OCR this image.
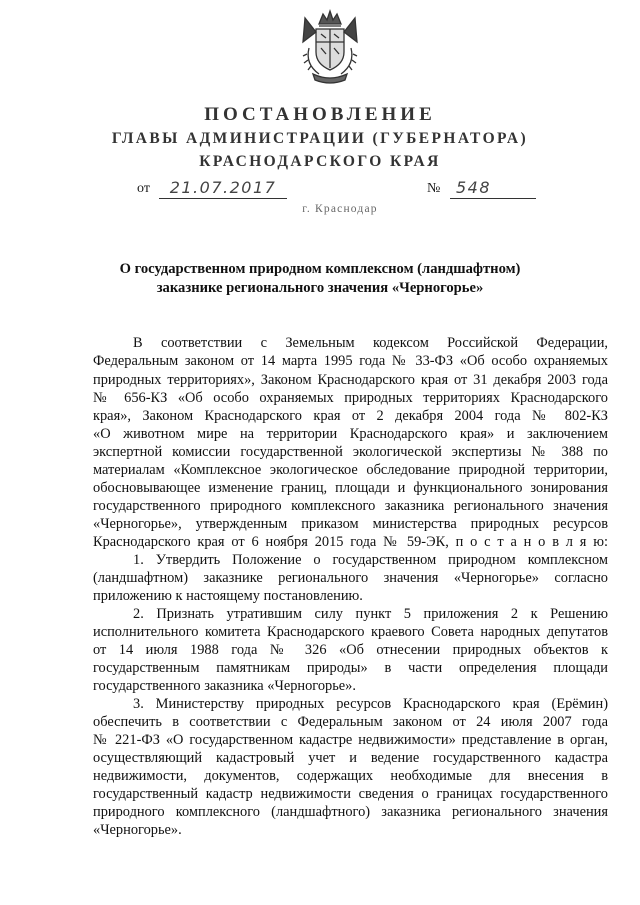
ПОСТАНОВЛЕНИЕ
ГЛАВЫ АДМИНИСТРАЦИИ (ГУБЕРНАТОРА)
КРАСНОДАРСКОГО КРАЯ
от	21.07.2017	№ 548
г. Краснодар
О государственном природном комплексном (ландшафтном)
заказнике регионального значения «Черногорье»
В соответствии с Земельным кодексом Российской Федерации,
Федеральным законом от 14 марта 1995 года № 33-ФЗ «Об особо охраняемых
природных территориях», Законом Краснодарского края от 31 декабря 2003 года
№ 656-КЗ «Об особо охраняемых природных территориях Краснодарского
края», Законом Краснодарского края от 2 декабря 2004 года № 802-КЗ
«О животном мире на территории Краснодарского края» и заключением
экспертной комиссии государственной экологической экспертизы № 388 по
материалам «Комплексное экологическое обследование природной территории,
обосновывающее изменение границ, площади и функционального зонирования
государственного природного комплексного заказника регионального значения
«Черногорье», утвержденным приказом министерства природных ресурсов
Краснодарского края от 6 ноября 2015 года № 59-ЭК, п о с т а н о в л я ю:
1. Утвердить Положение о государственном природном комплексном
(ландшафтном) заказнике регионального значения «Черногорье» согласно
приложению к настоящему постановлению.
2. Признать утратившим силу пункт 5 приложения 2 к Решению
исполнительного комитета Краснодарского краевого Совета народных депутатов
от 14 июля 1988 года № 326 «Об отнесении природных объектов к
государственным памятникам природы» в части определения площади
государственного заказника «Черногорье».
3. Министерству природных ресурсов Краснодарского края (Ерёмин)
обеспечить в соответствии с Федеральным законом от 24 июля 2007 года
№ 221-ФЗ «О государственном кадастре недвижимости» представление в орган,
осуществляющий кадастровый учет и ведение государственного кадастра
недвижимости, документов, содержащих необходимые для внесения в
государственный кадастр недвижимости сведения о границах государственного
природного комплексного (ландшафтного) заказника регионального значения
«Черногорье».
